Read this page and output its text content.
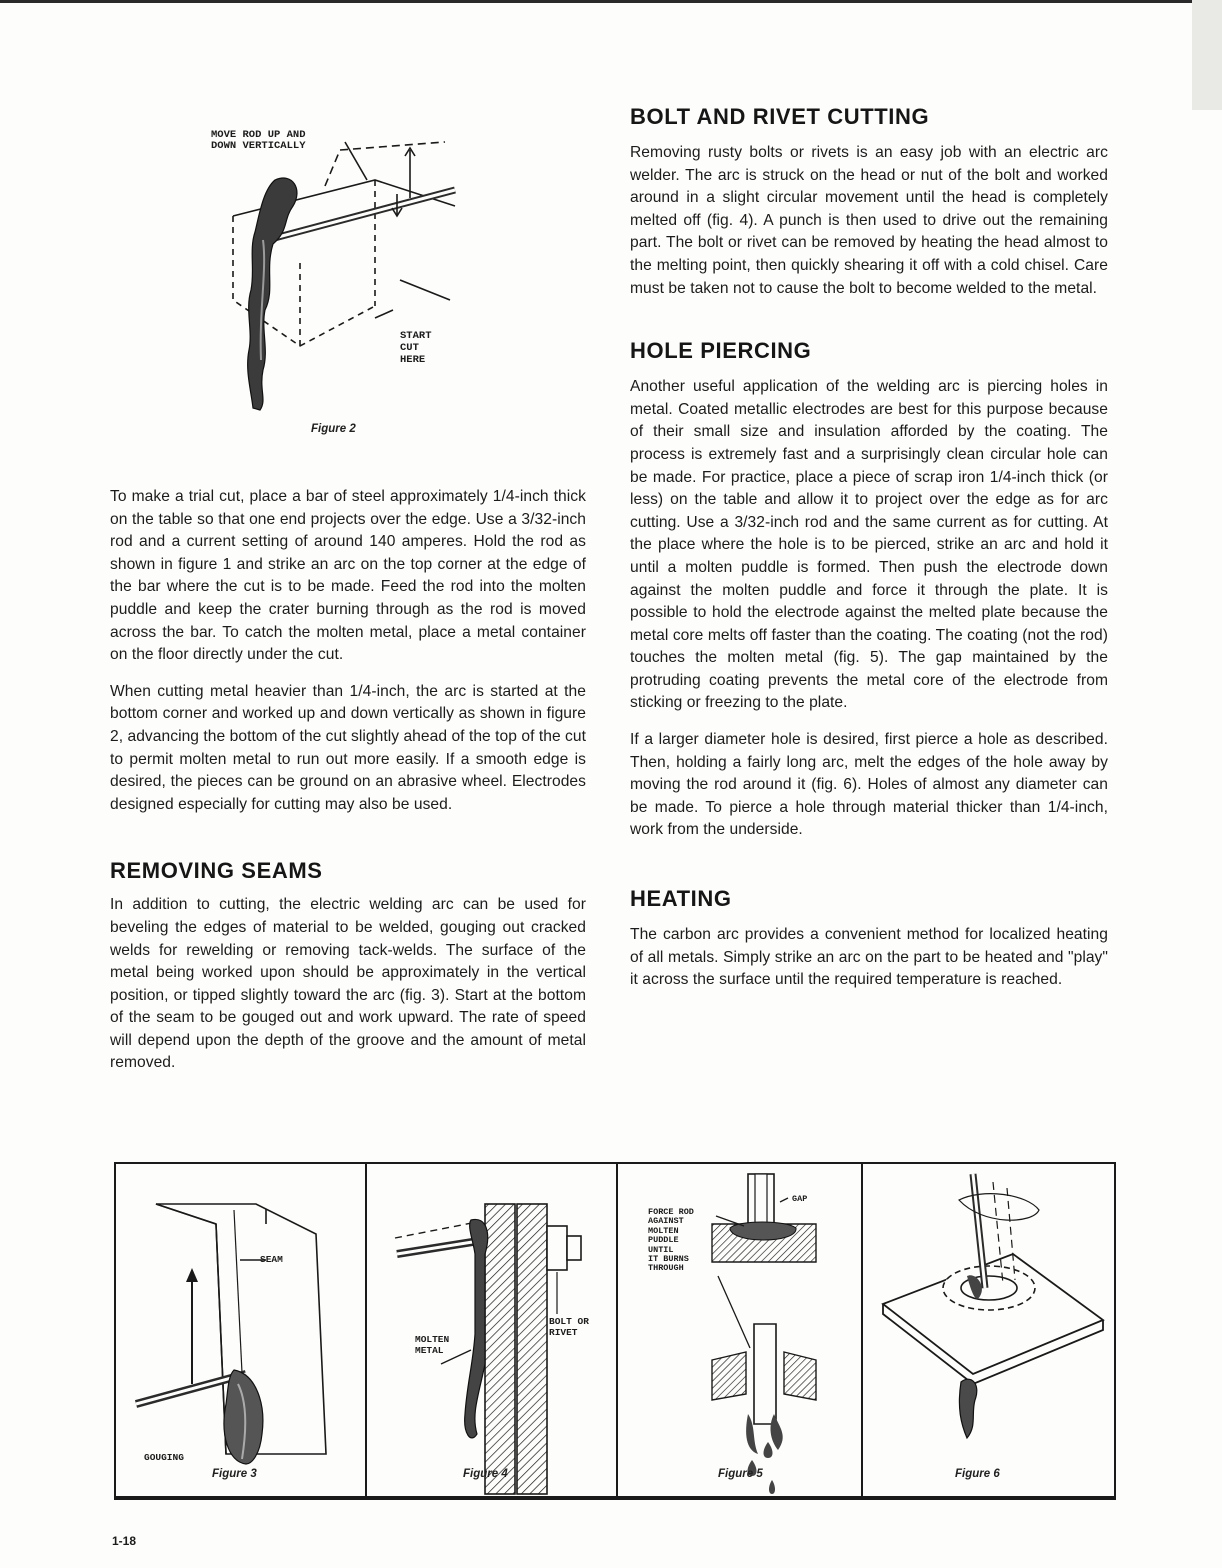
MOVE ROD UP AND
DOWN VERTICALLY
START
CUT
HERE
Figure 2

To make a trial cut, place a bar of steel approximately 1/4-inch thick on the table so that one end projects over the edge. Use a 3/32-inch rod and a current setting of around 140 amperes. Hold the rod as shown in figure 1 and strike an arc on the top corner at the edge of the bar where the cut is to be made. Feed the rod into the molten puddle and keep the crater burning through as the rod is moved across the bar. To catch the molten metal, place a metal container on the floor directly under the cut.

When cutting metal heavier than 1/4-inch, the arc is started at the bottom corner and worked up and down vertically as shown in figure 2, advancing the bottom of the cut slightly ahead of the top of the cut to permit molten metal to run out more easily. If a smooth edge is desired, the pieces can be ground on an abrasive wheel. Electrodes designed especially for cutting may also be used.

REMOVING SEAMS

In addition to cutting, the electric welding arc can be used for beveling the edges of material to be welded, gouging out cracked welds for rewelding or removing tack-welds. The surface of the metal being worked upon should be approximately in the vertical position, or tipped slightly toward the arc (fig. 3). Start at the bottom of the seam to be gouged out and work upward. The rate of speed will depend upon the depth of the groove and the amount of metal removed.

BOLT AND RIVET CUTTING

Removing rusty bolts or rivets is an easy job with an electric arc welder. The arc is struck on the head or nut of the bolt and worked around in a slight circular movement until the head is completely melted off (fig. 4). A punch is then used to drive out the remaining part. The bolt or rivet can be removed by heating the head almost to the melting point, then quickly shearing it off with a cold chisel. Care must be taken not to cause the bolt to become welded to the metal.

HOLE PIERCING

Another useful application of the welding arc is piercing holes in metal. Coated metallic electrodes are best for this purpose because of their small size and insulation afforded by the coating. The process is extremely fast and a surprisingly clean circular hole can be made. For practice, place a piece of scrap iron 1/4-inch thick (or less) on the table and allow it to project over the edge as for arc cutting. Use a 3/32-inch rod and the same current as for cutting. At the place where the hole is to be pierced, strike an arc and hold it until a molten puddle is formed. Then push the electrode down against the molten puddle and force it through the plate. It is possible to hold the electrode against the melted plate because the metal core melts off faster than the coating. The coating (not the rod) touches the molten metal (fig. 5). The gap maintained by the protruding coating prevents the metal core of the electrode from sticking or freezing to the plate.

If a larger diameter hole is desired, first pierce a hole as described. Then, holding a fairly long arc, melt the edges of the hole away by moving the rod around it (fig. 6). Holes of almost any diameter can be made. To pierce a hole through material thicker than 1/4-inch, work from the underside.

HEATING

The carbon arc provides a convenient method for localized heating of all metals. Simply strike an arc on the part to be heated and "play" it across the surface until the required temperature is reached.

SEAM
GOUGING
Figure 3
MOLTEN
METAL
BOLT OR
RIVET
Figure 4
FORCE ROD
AGAINST
MOLTEN
PUDDLE
UNTIL
IT BURNS
THROUGH
GAP
Figure 5	Figure 6
1-18
